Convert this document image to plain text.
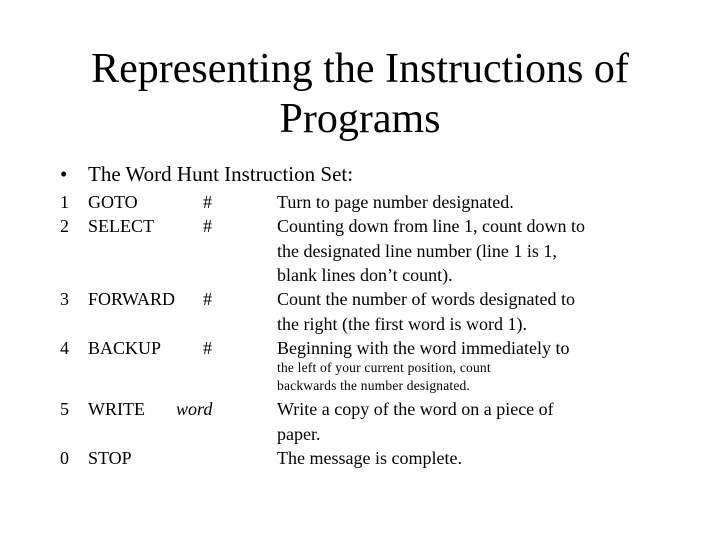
Representing the Instructions of
Programs
• The Word Hunt Instruction Set:
1 GOTO	#	Turn to page number designated.
2 SELECT	#	Counting down from line 1, count down to
the designated line number (line 1 is 1,
blank lines don’t count).
3 FORWARD #	Count the number of words designated to
the right (the first word is word 1).
4 BACKUP #	Beginning with the word immediately to
the left of your current position, count
backwards the number designated.
5 WRITE word	Write a copy of the word on a piece of
paper.
0 STOP	The message is complete.
